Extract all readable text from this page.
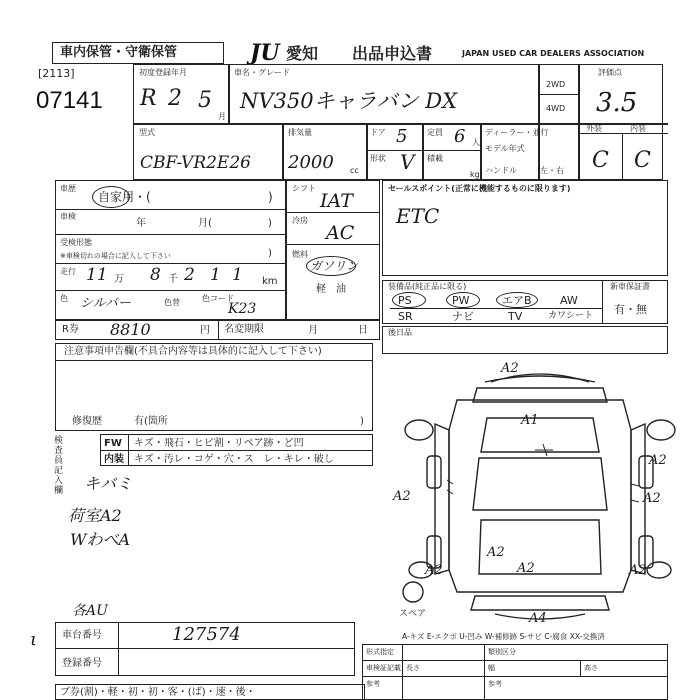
車内保管・守衛保管	JU 愛知 出品申込書	JAPAN USED CAR DEALERS ASSOCIATION
[2113]
07141
初度登録年月
R 2 5
月
車名・グレード
NV350キャラバン DX
2WD
4WD
評価点
3.5
型式
CBF-VR2E26
排気量
2000 cc
ドア 5
形状 V
定員 6 人
積載
kg
ディーラー・並行
モデル年式
ハンドル	左・右
外装	内装
C C
車歴
自家用・(	)
車検
年	月(	)
受検形態
※車検切れの場合に記入して下さい	)
走行 11 万 8 千 2 1 1 km
色 シルバー	色替	色コード
K23
シフト
IAT
冷房
AC
燃料
ガソリン
軽　油
R券 8810	円 名変期限	月	日
セールスポイント(正常に機能するものに限ります)
ETC
装備品(純正品に限る)	新車保証書
有・無
PS	PW	エアB	AW
SR	ナビ	TV	カワシート
後日品
注意事項申告欄(不具合内容等は具体的に記入して下さい)
修復歴	有(箇所	)
検査員記入欄
FW キズ・飛石・ヒビ割・リペア跡・ど凹
内装 キズ・汚レ・コゲ・穴・ス　レ・キレ・破し
キバミ
荷室A2
WわべA
各AU
ι 車台番号	127574
登録番号
ブ券(割)・軽・初・初・客・(ば)・速・後・
A2
A1
A2
A2	A2
A2	A2
A2
A2
A4
スペア
A-キズ E-エクボ U-凹み W-補修跡 S-サビ C-腐食 XX-交換済
形式指定	類別区分
車検証記載 長さ	幅	高さ
参考	参考
